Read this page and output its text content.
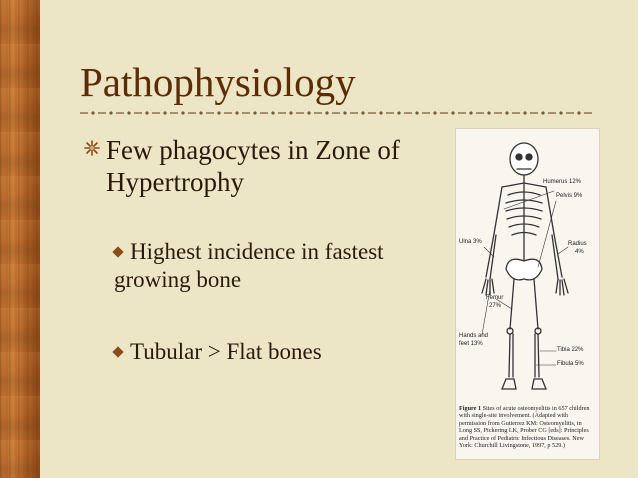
Pathophysiology
Few phagocytes in Zone of Hypertrophy
Highest incidence in fastest growing bone
Tubular > Flat bones
Humerus 12%
Pelvis 9%
Ulna 3%	Radius
4%
Femur
27%
Hands and
feet 13%
Tibia 22%
Fibula 5%
Figure 1 Sites of acute osteomyelitis in 657 children with single-site involvement. (Adapted with permission from Gutierrez KM: Osteomyelitis, in Long SS, Pickering LK, Prober CG [eds]: Principles and Practice of Pediatric Infectious Diseases. New York: Churchill Livingstone, 1997, p 529.)
